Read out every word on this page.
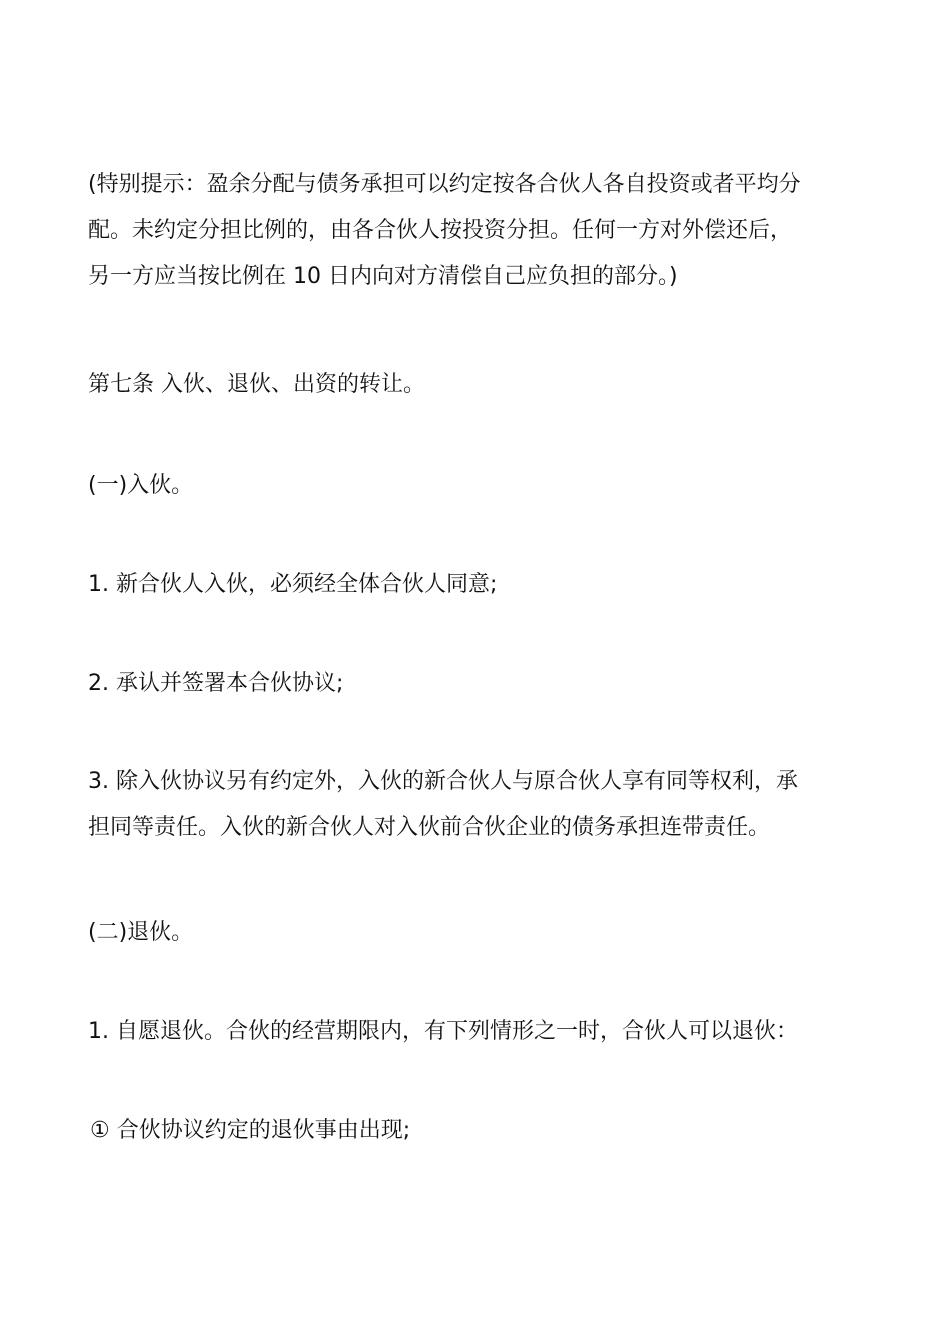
(特别提示：盈余分配与债务承担可以约定按各合伙人各自投资或者平均分
配。未约定分担比例的，由各合伙人按投资分担。任何一方对外偿还后，
另一方应当按比例在 10 日内向对方清偿自己应负担的部分。)

第七条 入伙、退伙、出资的转让。

(一)入伙。

1. 新合伙人入伙，必须经全体合伙人同意;

2. 承认并签署本合伙协议;

3. 除入伙协议另有约定外，入伙的新合伙人与原合伙人享有同等权利，承
担同等责任。入伙的新合伙人对入伙前合伙企业的债务承担连带责任。

(二)退伙。

1. 自愿退伙。合伙的经营期限内，有下列情形之一时，合伙人可以退伙：

① 合伙协议约定的退伙事由出现;
